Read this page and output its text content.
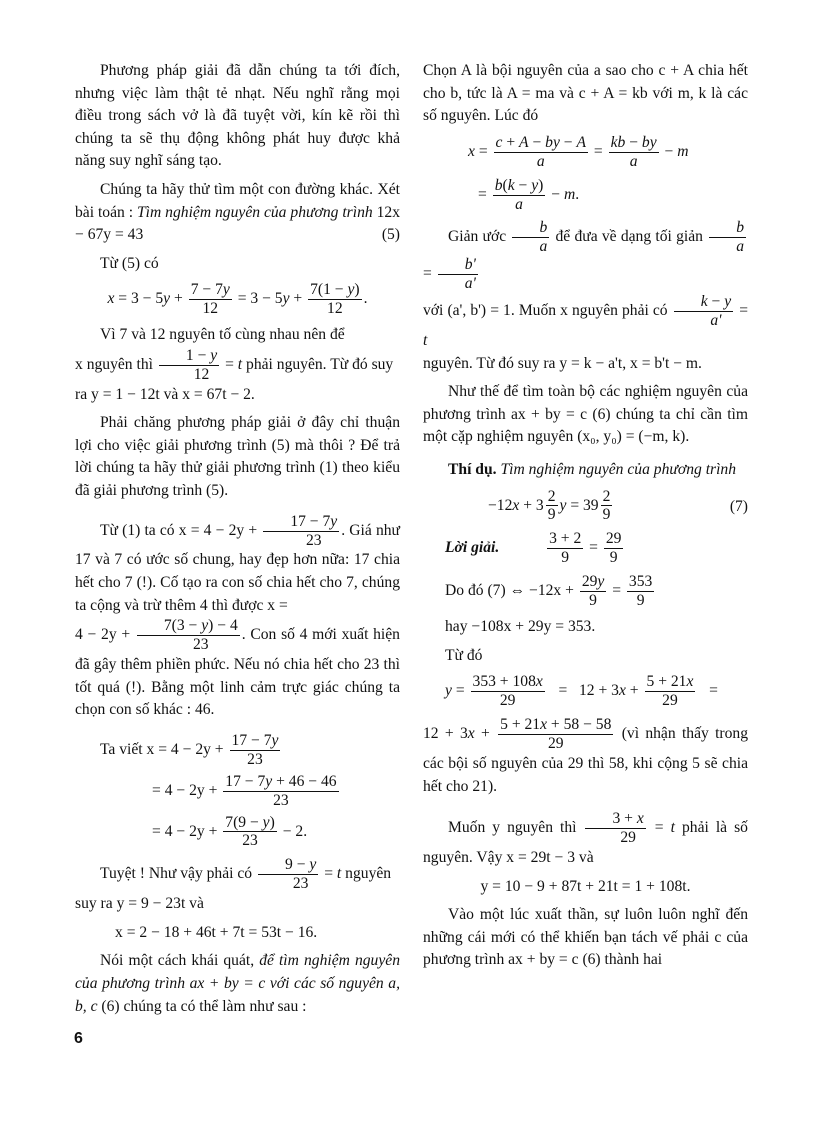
Phương pháp giải đã dẫn chúng ta tới đích, nhưng việc làm thật tẻ nhạt. Nếu nghĩ rằng mọi điều trong sách vở là đã tuyệt vời, kín kẽ rồi thì chúng ta sẽ thụ động không phát huy được khả năng suy nghĩ sáng tạo.

Chúng ta hãy thử tìm một con đường khác. Xét bài toán : Tìm nghiệm nguyên của phương trình 12x − 67y = 43	(5)

Từ (5) có

$x = 3 - 5y + \frac{7 - 7y}{12} = 3 - 5y + \frac{7(1 - y)}{12}$ .

Vì 7 và 12 nguyên tố cùng nhau nên để
x nguyên thì $\frac{1 - y}{12} = t$ phải nguyên. Từ đó suy
ra y = 1 − 12t và x = 67t − 2.

Phải chăng phương pháp giải ở đây chỉ thuận lợi cho việc giải phương trình (5) mà thôi ? Để trả lời chúng ta hãy thử giải phương trình (1) theo kiểu đã giải phương trình (5).

Từ (1) ta có $x = 4 - 2y + \frac{17 - 7y}{23}$ . Giá như 17 và 7 có ước số chung, hay đẹp hơn nữa: 17 chia hết cho 7 (!). Cố tạo ra con số chia hết cho 7, chúng ta cộng và trừ thêm 4 thì được x =
$4 - 2y + \frac{7(3 - y) - 4}{23}$ . Con số 4 mới xuất hiện đã gây thêm phiền phức. Nếu nó chia hết cho 23 thì tốt quá (!). Bằng một linh cảm trực giác chúng ta chọn con số khác : 46.

Ta viết $x = 4 - 2y + \frac{17 - 7y}{23}$
= $4 - 2y + \frac{17 - 7y + 46 - 46}{23}$
= $4 - 2y + \frac{7(9 - y)}{23} - 2$.

Tuyệt ! Như vậy phải có $\frac{9 - y}{23} = t$ nguyên
suy ra y = 9 − 23t và

x = 2 − 18 + 46t + 7t = 53t − 16.

Nói một cách khái quát, để tìm nghiệm nguyên của phương trình ax + by = c với các số nguyên a, b, c (6) chúng ta có thể làm như sau :

Chọn A là bội nguyên của a sao cho c + A chia hết cho b, tức là A = ma và c + A = kb với m, k là các số nguyên. Lúc đó

$x = \frac{c + A - by - A}{a} = \frac{kb - by}{a} - m$
= $\frac{b(k - y)}{a} - m$.

Giản ước $\frac{b}{a}$ để đưa về dạng tối giản $\frac{b}{a}$
= $\frac{b'}{a'}$

với (a', b') = 1. Muốn x nguyên phải có $\frac{k - y}{a'} = t$
nguyên. Từ đó suy ra y = k − a't, x = b't − m.

Như thế để tìm toàn bộ các nghiệm nguyên của phương trình ax + by = c (6) chúng ta chỉ cần tìm một cặp nghiệm nguyên (x₀, y₀) = (−m, k).

Thí dụ. Tìm nghiệm nguyên của phương trình

$-12x + 3 \frac{2}{9}$ $y = 39 \frac{2}{9}$	(7)
Lời giải.	$\frac{3 + 2}{9} = \frac{29}{9}$
Do đó (7) ⇔ $-12x + \frac{29y}{9} = \frac{353}{9}$

hay −108x + 29y = 353.

Từ đó

$y = \frac{353 + 108x}{29} = 12 + 3x + \frac{5 + 21x}{29}$ =

$12 + 3x + \frac{5 + 21x + 58 - 58}{29}$ (vì nhận thấy trong các bội số nguyên của 29 thì 58, khi cộng 5 sẽ chia hết cho 21).

Muốn y nguyên thì $\frac{3 + x}{29} = t$ phải là số nguyên. Vậy x = 29t − 3 và

y = 10 − 9 + 87t + 21t = 1 + 108t.

Vào một lúc xuất thần, sự luôn luôn nghĩ đến những cái mới có thể khiến bạn tách vế phải c của phương trình ax + by = c (6) thành hai

6
